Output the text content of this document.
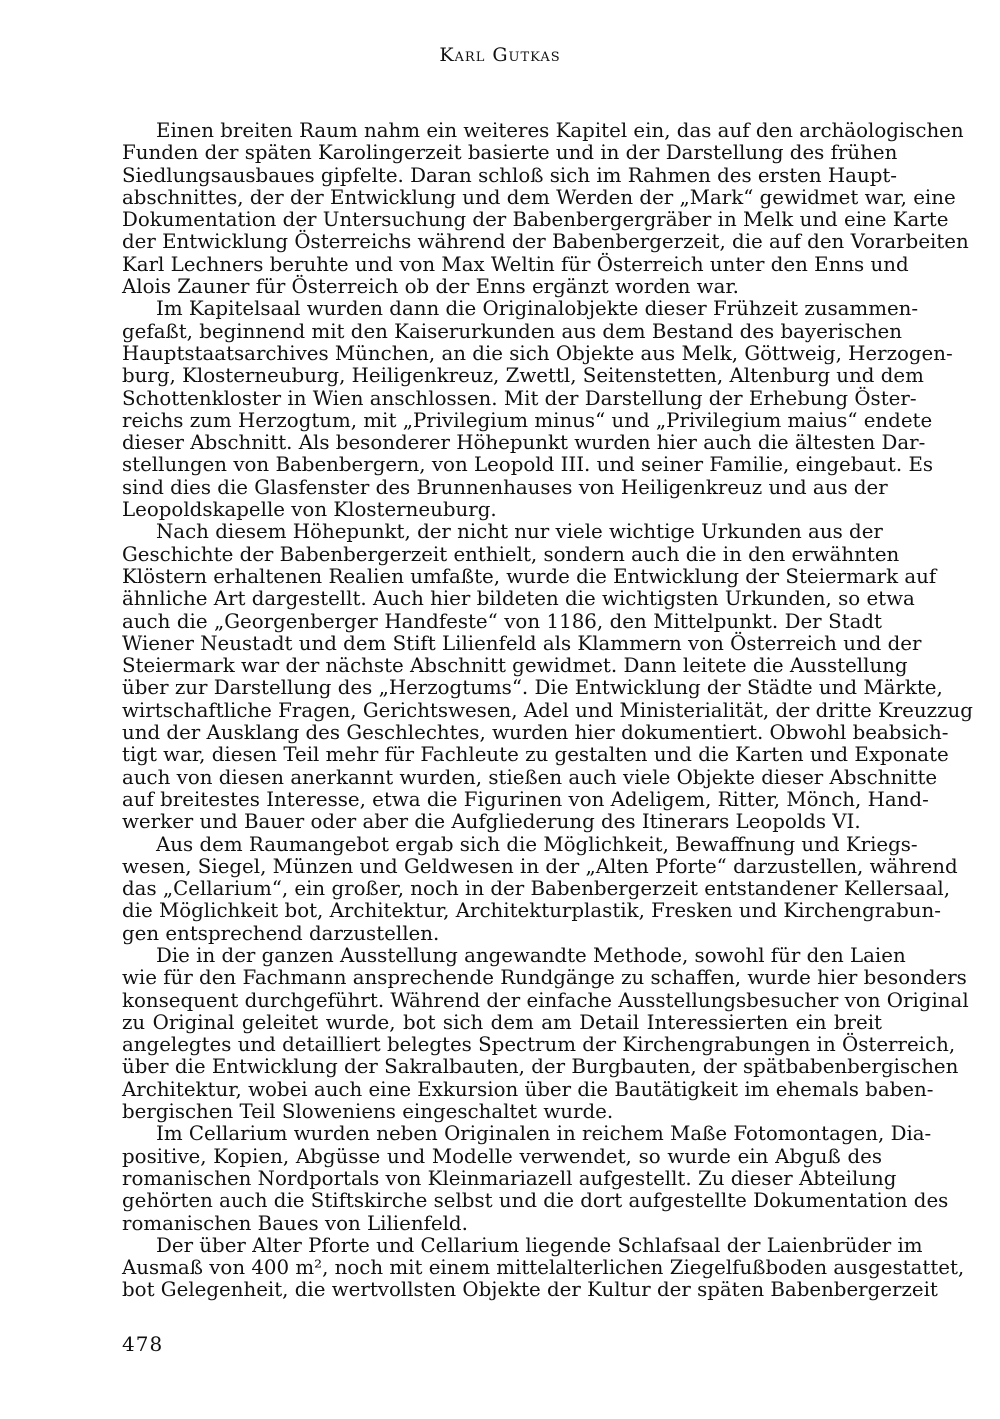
Karl Gutkas
Einen breiten Raum nahm ein weiteres Kapitel ein, das auf den archäologischen
Funden der späten Karolingerzeit basierte und in der Darstellung des frühen
Siedlungsausbaues gipfelte. Daran schloß sich im Rahmen des ersten Haupt-
abschnittes, der der Entwicklung und dem Werden der „Mark“ gewidmet war, eine
Dokumentation der Untersuchung der Babenbergergräber in Melk und eine Karte
der Entwicklung Österreichs während der Babenbergerzeit, die auf den Vorarbeiten
Karl Lechners beruhte und von Max Weltin für Österreich unter den Enns und
Alois Zauner für Österreich ob der Enns ergänzt worden war.
Im Kapitelsaal wurden dann die Originalobjekte dieser Frühzeit zusammen-
gefaßt, beginnend mit den Kaiserurkunden aus dem Bestand des bayerischen
Hauptstaatsarchives München, an die sich Objekte aus Melk, Göttweig, Herzogen-
burg, Klosterneuburg, Heiligenkreuz, Zwettl, Seitenstetten, Altenburg und dem
Schottenkloster in Wien anschlossen. Mit der Darstellung der Erhebung Öster-
reichs zum Herzogtum, mit „Privilegium minus“ und „Privilegium maius“ endete
dieser Abschnitt. Als besonderer Höhepunkt wurden hier auch die ältesten Dar-
stellungen von Babenbergern, von Leopold III. und seiner Familie, eingebaut. Es
sind dies die Glasfenster des Brunnenhauses von Heiligenkreuz und aus der
Leopoldskapelle von Klosterneuburg.
Nach diesem Höhepunkt, der nicht nur viele wichtige Urkunden aus der
Geschichte der Babenbergerzeit enthielt, sondern auch die in den erwähnten
Klöstern erhaltenen Realien umfaßte, wurde die Entwicklung der Steiermark auf
ähnliche Art dargestellt. Auch hier bildeten die wichtigsten Urkunden, so etwa
auch die „Georgenberger Handfeste“ von 1186, den Mittelpunkt. Der Stadt
Wiener Neustadt und dem Stift Lilienfeld als Klammern von Österreich und der
Steiermark war der nächste Abschnitt gewidmet. Dann leitete die Ausstellung
über zur Darstellung des „Herzogtums“. Die Entwicklung der Städte und Märkte,
wirtschaftliche Fragen, Gerichtswesen, Adel und Ministerialität, der dritte Kreuzzug
und der Ausklang des Geschlechtes, wurden hier dokumentiert. Obwohl beabsich-
tigt war, diesen Teil mehr für Fachleute zu gestalten und die Karten und Exponate
auch von diesen anerkannt wurden, stießen auch viele Objekte dieser Abschnitte
auf breitestes Interesse, etwa die Figurinen von Adeligem, Ritter, Mönch, Hand-
werker und Bauer oder aber die Aufgliederung des Itinerars Leopolds VI.
Aus dem Raumangebot ergab sich die Möglichkeit, Bewaffnung und Kriegs-
wesen, Siegel, Münzen und Geldwesen in der „Alten Pforte“ darzustellen, während
das „Cellarium“, ein großer, noch in der Babenbergerzeit entstandener Kellersaal,
die Möglichkeit bot, Architektur, Architekturplastik, Fresken und Kirchengrabun-
gen entsprechend darzustellen.
Die in der ganzen Ausstellung angewandte Methode, sowohl für den Laien
wie für den Fachmann ansprechende Rundgänge zu schaffen, wurde hier besonders
konsequent durchgeführt. Während der einfache Ausstellungsbesucher von Original
zu Original geleitet wurde, bot sich dem am Detail Interessierten ein breit
angelegtes und detailliert belegtes Spectrum der Kirchengrabungen in Österreich,
über die Entwicklung der Sakralbauten, der Burgbauten, der spätbabenbergischen
Architektur, wobei auch eine Exkursion über die Bautätigkeit im ehemals baben-
bergischen Teil Sloweniens eingeschaltet wurde.
Im Cellarium wurden neben Originalen in reichem Maße Fotomontagen, Dia-
positive, Kopien, Abgüsse und Modelle verwendet, so wurde ein Abguß des
romanischen Nordportals von Kleinmariazell aufgestellt. Zu dieser Abteilung
gehörten auch die Stiftskirche selbst und die dort aufgestellte Dokumentation des
romanischen Baues von Lilienfeld.
Der über Alter Pforte und Cellarium liegende Schlafsaal der Laienbrüder im
Ausmaß von 400 m², noch mit einem mittelalterlichen Ziegelfußboden ausgestattet,
bot Gelegenheit, die wertvollsten Objekte der Kultur der späten Babenbergerzeit
478
